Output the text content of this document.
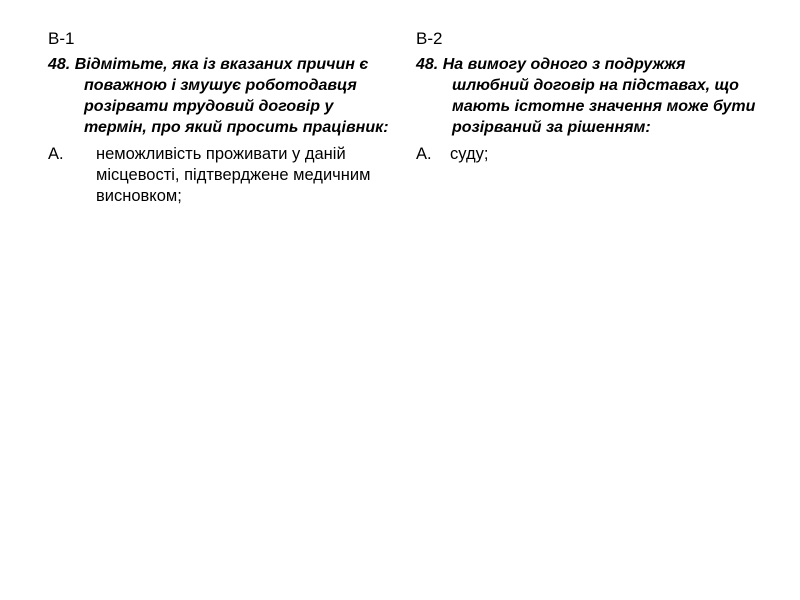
В-1

48. Відмітьте, яка із вказаних причин є поважною і змушує роботодавця розірвати трудовий договір у термін, про який просить працівник:

А. неможливість проживати у даній місцевості, підтверджене медичним висновком;

В-2

48. На вимогу одного з подружжя шлюбний договір на підставах, що мають істотне значення може бути розірваний за рішенням:

А. суду;
